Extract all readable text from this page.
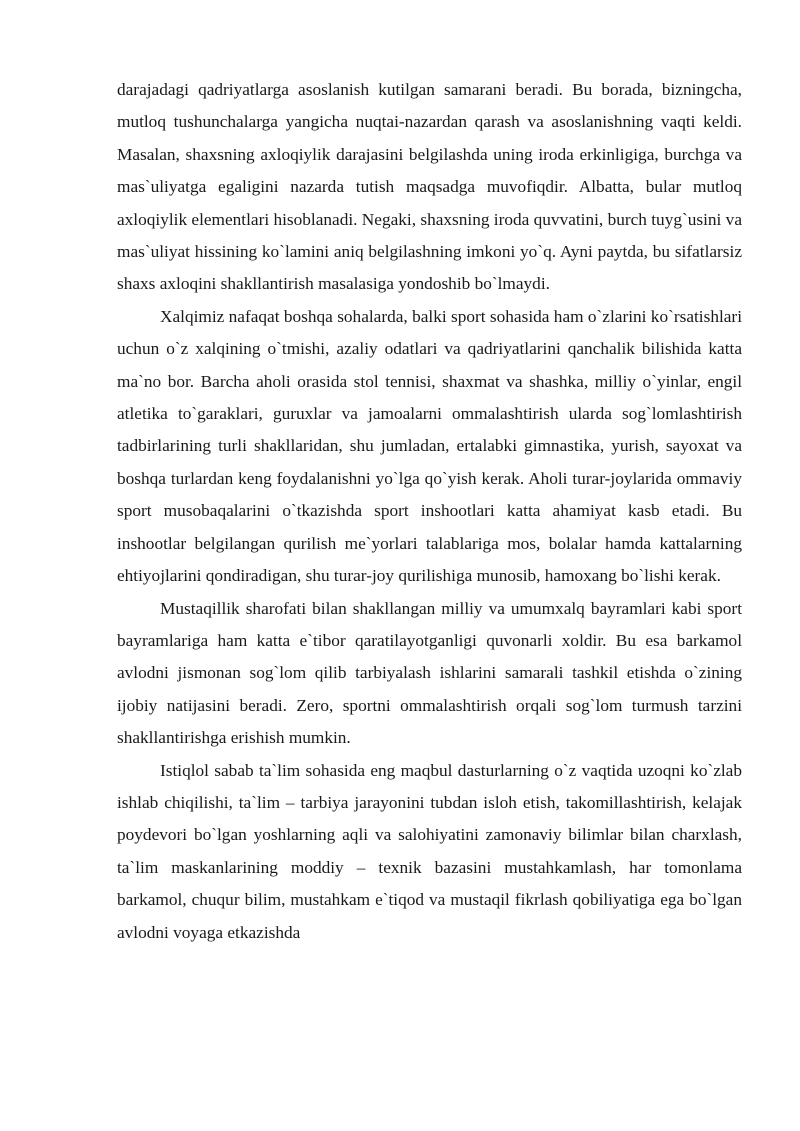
darajadagi qadriyatlarga asoslanish kutilgan samarani beradi. Bu borada, bizningcha, mutloq tushunchalarga yangicha nuqtai-nazardan qarash va asoslanishning vaqti keldi. Masalan, shaxsning axloqiylik darajasini belgilashda uning iroda erkinligiga, burchga va mas`uliyatga egaligini nazarda tutish maqsadga muvofiqdir. Albatta, bular mutloq axloqiylik elementlari hisoblanadi. Negaki, shaxsning iroda quvvatini, burch tuyg`usini va mas`uliyat hissining ko`lamini aniq belgilashning imkoni yo`q. Ayni paytda, bu sifatlarsiz shaxs axloqini shakllantirish masalasiga yondoshib bo`lmaydi.

Xalqimiz nafaqat boshqa sohalarda, balki sport sohasida ham o`zlarini ko`rsatishlari uchun o`z xalqining o`tmishi, azaliy odatlari va qadriyatlarini qanchalik bilishida katta ma`no bor. Barcha aholi orasida stol tennisi, shaxmat va shashka, milliy o`yinlar, engil atletika to`garaklari, guruxlar va jamoalarni ommalashtirish ularda sog`lomlashtirish tadbirlarining turli shakllaridan, shu jumladan, ertalabki gimnastika, yurish, sayoxat va boshqa turlardan keng foydalanishni yo`lga qo`yish kerak. Aholi turar-joylarida ommaviy sport musobaqalarini o`tkazishda sport inshootlari katta ahamiyat kasb etadi. Bu inshootlar belgilangan qurilish me`yorlari talablariga mos, bolalar hamda kattalarning ehtiyojlarini qondiradigan, shu turar-joy qurilishiga munosib, hamoxang bo`lishi kerak.

Mustaqillik sharofati bilan shakllangan milliy va umumxalq bayramlari kabi sport bayramlariga ham katta e`tibor qaratilayotganligi quvonarli xoldir. Bu esa barkamol avlodni jismonan sog`lom qilib tarbiyalash ishlarini samarali tashkil etishda o`zining ijobiy natijasini beradi. Zero, sportni ommalashtirish orqali sog`lom turmush tarzini shakllantirishga erishish mumkin.

Istiqlol sabab ta`lim sohasida eng maqbul dasturlarning o`z vaqtida uzoqni ko`zlab ishlab chiqilishi, ta`lim – tarbiya jarayonini tubdan isloh etish, takomillashtirish, kelajak poydevori bo`lgan yoshlarning aqli va salohiyatini zamonaviy bilimlar bilan charxlash, ta`lim maskanlarining moddiy – texnik bazasini mustahkamlash, har tomonlama barkamol, chuqur bilim, mustahkam e`tiqod va mustaqil fikrlash qobiliyatiga ega bo`lgan avlodni voyaga etkazishda
